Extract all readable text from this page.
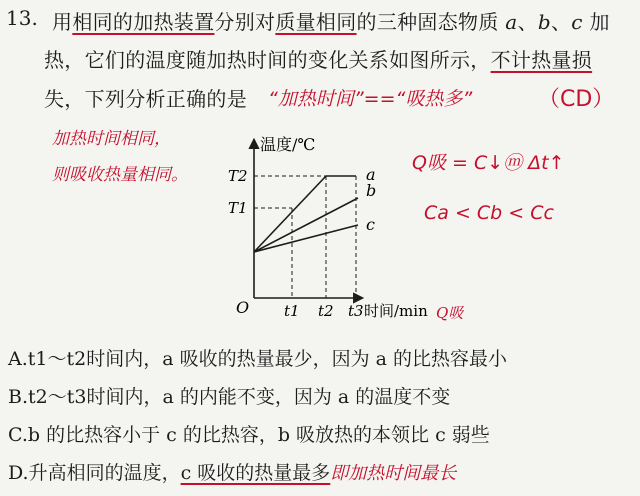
13. 用相同的加热装置分别对质量相同的三种固态物质 a、b、c 加
热，它们的温度随加热时间的变化关系如图所示，不计热量损
失，下列分析正确的是 “加热时间”==“吸热多”	（CD）
加热时间相同，
则吸收热量相同。
Q吸 = C↓ⓜ Δt↑
Ca < Cb < Cc
温度/℃
T2
T1
O t1 t2 t3 时间/min Q吸
a
b
c
A.t1～t2时间内，a 吸收的热量最少，因为 a 的比热容最小
B.t2～t3时间内，a 的内能不变，因为 a 的温度不变
C.b 的比热容小于 c 的比热容，b 吸放热的本领比 c 弱些
D.升高相同的温度，c 吸收的热量最多即加热时间最长
